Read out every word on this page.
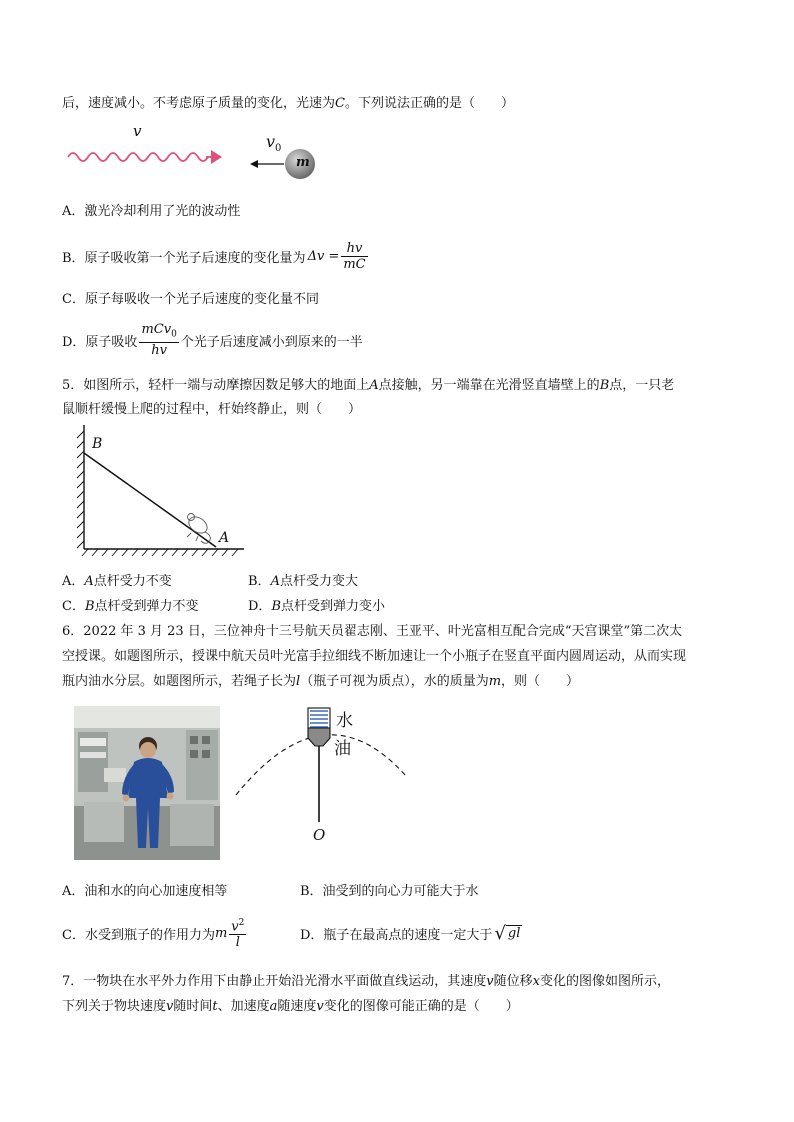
后，速度减小。不考虑原子质量的变化，光速为C。下列说法正确的是（　　）
v
$v_0$
m
A．激光冷却利用了光的波动性
B．原子吸收第一个光子后速度的变化量为 $\Delta v = \frac{hv}{mC}$
C．原子每吸收一个光子后速度的变化量不同
D．原子吸收 $\frac{mCv_0}{hv}$ 个光子后速度减小到原来的一半
5．如图所示，轻杆一端与动摩擦因数足够大的地面上A点接触，另一端靠在光滑竖直墙壁上的B点，一只老
鼠顺杆缓慢上爬的过程中，杆始终静止，则（　　）
B
A
A．A点杆受力不变	B．A点杆受力变大
C．B点杆受到弹力不变	D．B点杆受到弹力变小
6．2022 年 3 月 23 日，三位神舟十三号航天员翟志刚、王亚平、叶光富相互配合完成“天宫课堂”第二次太
空授课。如题图所示，授课中航天员叶光富手拉细线不断加速让一个小瓶子在竖直平面内圆周运动，从而实现
瓶内油水分层。如题图所示，若绳子长为l（瓶子可视为质点），水的质量为m，则（　　）
水
油
O
A．油和水的向心加速度相等	B．油受到的向心力可能大于水
C．水受到瓶子的作用力为 m $\frac{v^2}{l}$	D．瓶子在最高点的速度一定大于 √ gl
7．一物块在水平外力作用下由静止开始沿光滑水平面做直线运动，其速度v随位移x变化的图像如图所示，
下列关于物块速度v随时间t、加速度a随速度v变化的图像可能正确的是（　　）
